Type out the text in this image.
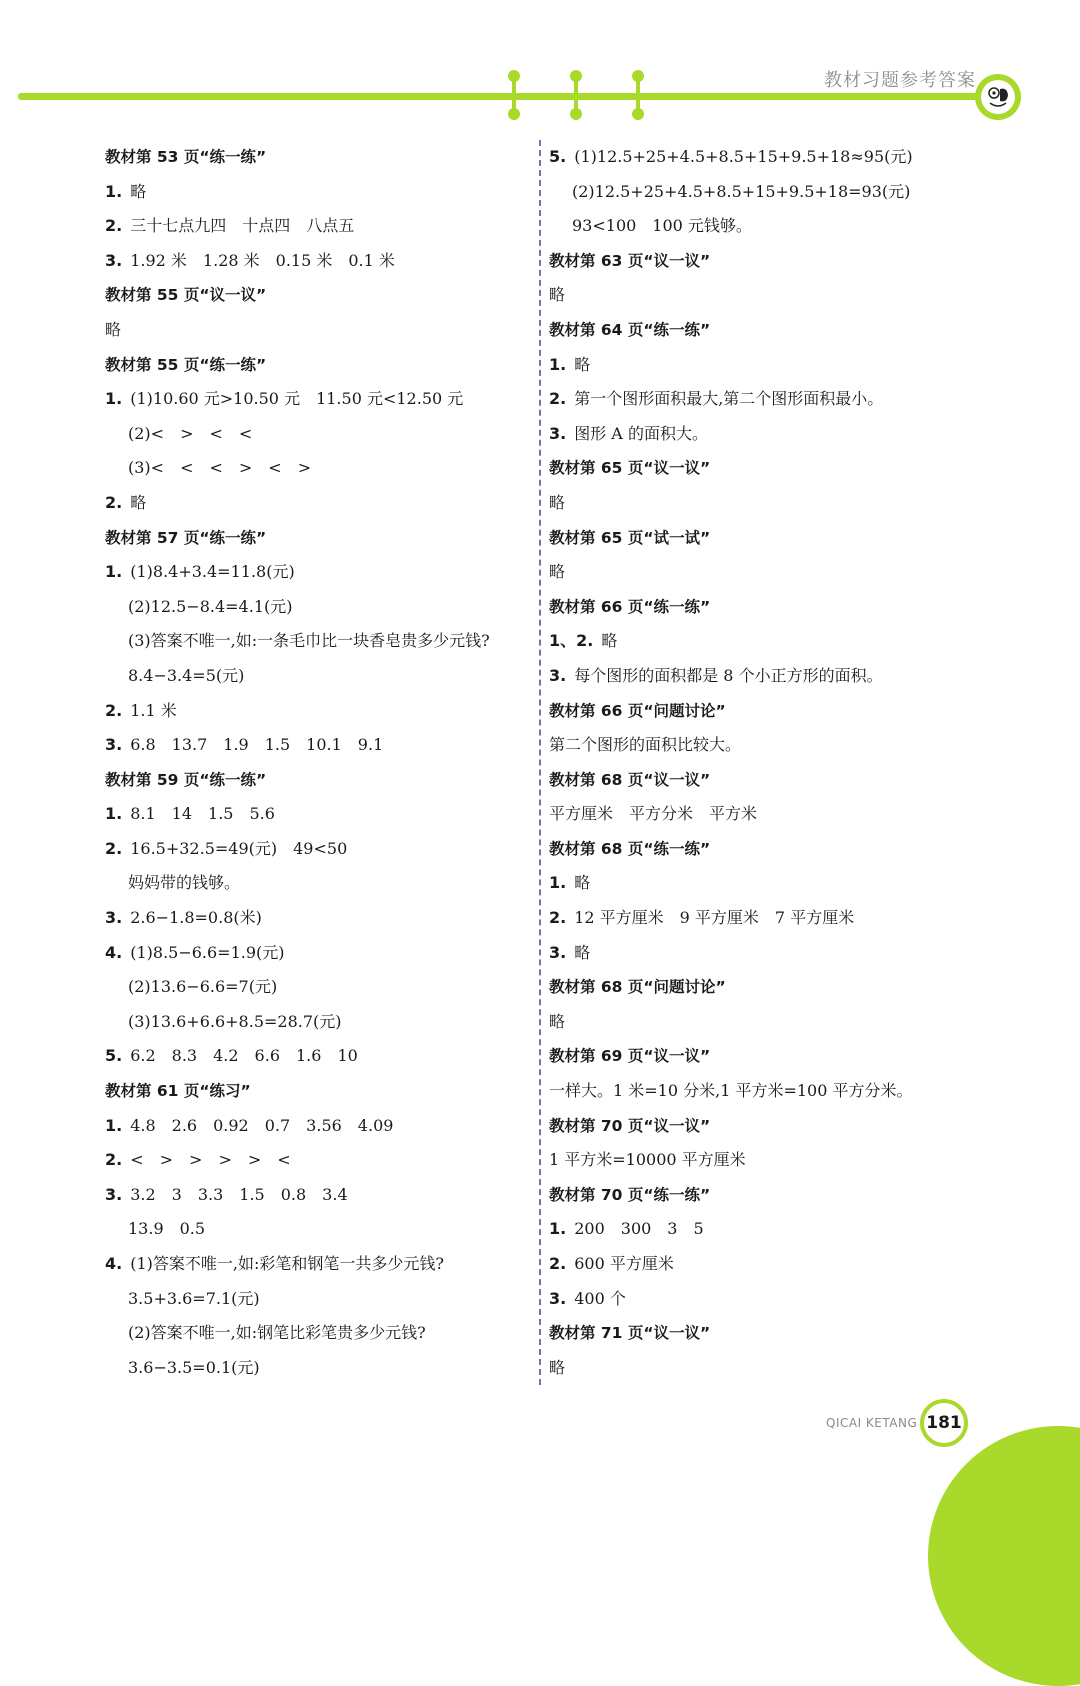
教材习题参考答案
教材第 53 页“练一练”
1. 略
2. 三十七点九四　十点四　八点五
3. 1.92 米　1.28 米　0.15 米　0.1 米
教材第 55 页“议一议”
略
教材第 55 页“练一练”
1. (1)10.60 元>10.50 元　11.50 元<12.50 元
(2)<　>　<　<
(3)<　<　<　>　<　>
2. 略
教材第 57 页“练一练”
1. (1)8.4+3.4=11.8(元)
(2)12.5−8.4=4.1(元)
(3)答案不唯一,如:一条毛巾比一块香皂贵多少元钱?
8.4−3.4=5(元)
2. 1.1 米
3. 6.8　13.7　1.9　1.5　10.1　9.1
教材第 59 页“练一练”
1. 8.1　14　1.5　5.6
2. 16.5+32.5=49(元)　49<50
妈妈带的钱够。
3. 2.6−1.8=0.8(米)
4. (1)8.5−6.6=1.9(元)
(2)13.6−6.6=7(元)
(3)13.6+6.6+8.5=28.7(元)
5. 6.2　8.3　4.2　6.6　1.6　10
教材第 61 页“练习”
1. 4.8　2.6　0.92　0.7　3.56　4.09
2. <　>　>　>　>　<
3. 3.2　3　3.3　1.5　0.8　3.4
13.9　0.5
4. (1)答案不唯一,如:彩笔和钢笔一共多少元钱?
3.5+3.6=7.1(元)
(2)答案不唯一,如:钢笔比彩笔贵多少元钱?
3.6−3.5=0.1(元)
5. (1)12.5+25+4.5+8.5+15+9.5+18≈95(元)
(2)12.5+25+4.5+8.5+15+9.5+18=93(元)
93<100　100 元钱够。
教材第 63 页“议一议”
略
教材第 64 页“练一练”
1. 略
2. 第一个图形面积最大,第二个图形面积最小。
3. 图形 A 的面积大。
教材第 65 页“议一议”
略
教材第 65 页“试一试”
略
教材第 66 页“练一练”
1、2. 略
3. 每个图形的面积都是 8 个小正方形的面积。
教材第 66 页“问题讨论”
第二个图形的面积比较大。
教材第 68 页“议一议”
平方厘米　平方分米　平方米
教材第 68 页“练一练”
1. 略
2. 12 平方厘米　9 平方厘米　7 平方厘米
3. 略
教材第 68 页“问题讨论”
略
教材第 69 页“议一议”
一样大。1 米=10 分米,1 平方米=100 平方分米。
教材第 70 页“议一议”
1 平方米=10000 平方厘米
教材第 70 页“练一练”
1. 200　300　3　5
2. 600 平方厘米
3. 400 个
教材第 71 页“议一议”
略
QICAI KETANG 181
